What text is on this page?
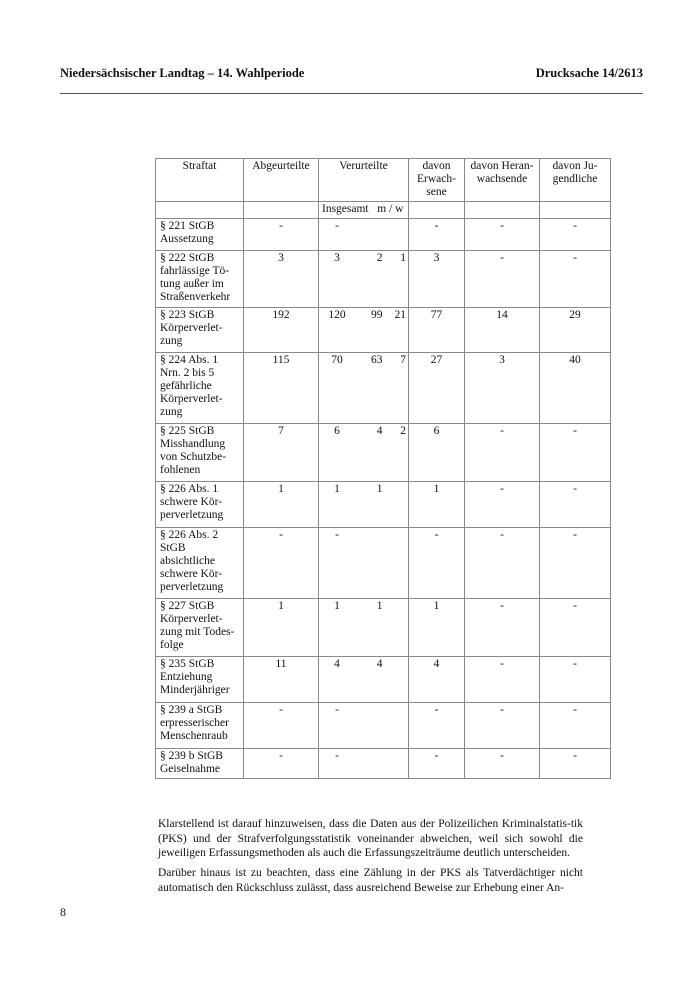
Niedersächsischer Landtag – 14. Wahlperiode	Drucksache 14/2613
Straftat	Abgeurteilte	Verurteilte	davon Erwach-sene	davon Heran-wachsende	davon Ju-gendliche
		Insgesamt   m / w			
§ 221 StGB Aussetzung	-	-	-	-	-
§ 222 StGB fahrlässige Tö-tung außer im Straßenverkehr	3	3 2 1	3	-	-
§ 223 StGB Körperverlet-zung	192	120 99 21	77	14	29
§ 224 Abs. 1 Nrn. 2 bis 5 gefährliche Körperverlet-zung	115	70 63 7	27	3	40
§ 225 StGB Misshandlung von Schutzbe-fohlenen	7	6 4 2	6	-	-
§ 226 Abs. 1 schwere Kör-perverletzung	1	1 1	1	-	-
§ 226 Abs. 2 StGB absichtliche schwere Kör-perverletzung	-	-	-	-	-
§ 227 StGB Körperverlet-zung mit Todes-folge	1	1 1	1	-	-
§ 235 StGB Entziehung Minderjähriger	11	4 4	4	-	-
§ 239 a StGB erpresserischer Menschenraub	-	-	-	-	-
§ 239 b StGB Geiselnahme	-	-	-	-	-

Klarstellend ist darauf hinzuweisen, dass die Daten aus der Polizeilichen Kriminalstatis-tik (PKS) und der Strafverfolgungsstatistik voneinander abweichen, weil sich sowohl die jeweiligen Erfassungsmethoden als auch die Erfassungszeiträume deutlich unterscheiden.

Darüber hinaus ist zu beachten, dass eine Zählung in der PKS als Tatverdächtiger nicht automatisch den Rückschluss zulässt, dass ausreichend Beweise zur Erhebung einer An-

8
